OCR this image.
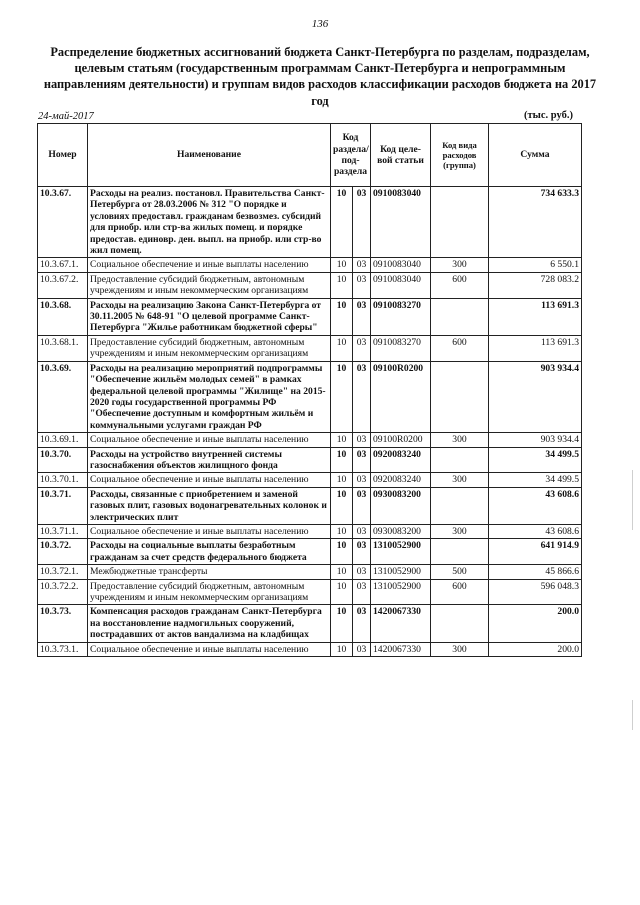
136
Распределение бюджетных ассигнований бюджета Санкт-Петербурга по разделам, подразделам, целевым статьям (государственным программам Санкт-Петербурга и непрограммным направлениям деятельности) и группам видов расходов классификации расходов бюджета на 2017 год
24-май-2017	(тыс. руб.)
Номер	Наименование	Код раздела/ под- раздела		Код целе- вой статьи	Код вида расходов (группа)	Сумма
10.3.67.	Расходы на реализ. постановл. Правительства Санкт-Петербурга от 28.03.2006 № 312 "О порядке и условиях предоставл. гражданам безвозмез. субсидий для приобр. или стр-ва жилых помещ. и порядке предостав. единовр. ден. выпл. на приобр. или стр-во жил помещ.	10	03	0910083040		734 633.3
10.3.67.1.	Социальное обеспечение и иные выплаты населению	10	03	0910083040	300	6 550.1
10.3.67.2.	Предоставление субсидий бюджетным, автономным учреждениям и иным некоммерческим организациям	10	03	0910083040	600	728 083.2
10.3.68.	Расходы на реализацию Закона Санкт-Петербурга от 30.11.2005 № 648-91 "О целевой программе Санкт-Петербурга "Жилье работникам бюджетной сферы"	10	03	0910083270		113 691.3
10.3.68.1.	Предоставление субсидий бюджетным, автономным учреждениям и иным некоммерческим организациям	10	03	0910083270	600	113 691.3
10.3.69.	Расходы на реализацию мероприятий подпрограммы "Обеспечение жильём молодых семей" в рамках федеральной целевой программы "Жилище" на 2015-2020 годы государственной программы РФ "Обеспечение доступным и комфортным жильём и коммунальными услугами граждан РФ	10	03	09100R0200		903 934.4
10.3.69.1.	Социальное обеспечение и иные выплаты населению	10	03	09100R0200	300	903 934.4
10.3.70.	Расходы на устройство внутренней системы газоснабжения объектов жилищного фонда	10	03	0920083240		34 499.5
10.3.70.1.	Социальное обеспечение и иные выплаты населению	10	03	0920083240	300	34 499.5
10.3.71.	Расходы, связанные с приобретением и заменой газовых плит, газовых водонагревательных колонок и электрических плит	10	03	0930083200		43 608.6
10.3.71.1.	Социальное обеспечение и иные выплаты населению	10	03	0930083200	300	43 608.6
10.3.72.	Расходы на социальные выплаты безработным гражданам за счет средств федерального бюджета	10	03	1310052900		641 914.9
10.3.72.1.	Межбюджетные трансферты	10	03	1310052900	500	45 866.6
10.3.72.2.	Предоставление субсидий бюджетным, автономным учреждениям и иным некоммерческим организациям	10	03	1310052900	600	596 048.3
10.3.73.	Компенсация расходов гражданам Санкт-Петербурга на восстановление надмогильных сооружений, пострадавших от актов вандализма на кладбищах	10	03	1420067330		200.0
10.3.73.1.	Социальное обеспечение и иные выплаты населению	10	03	1420067330	300	200.0
